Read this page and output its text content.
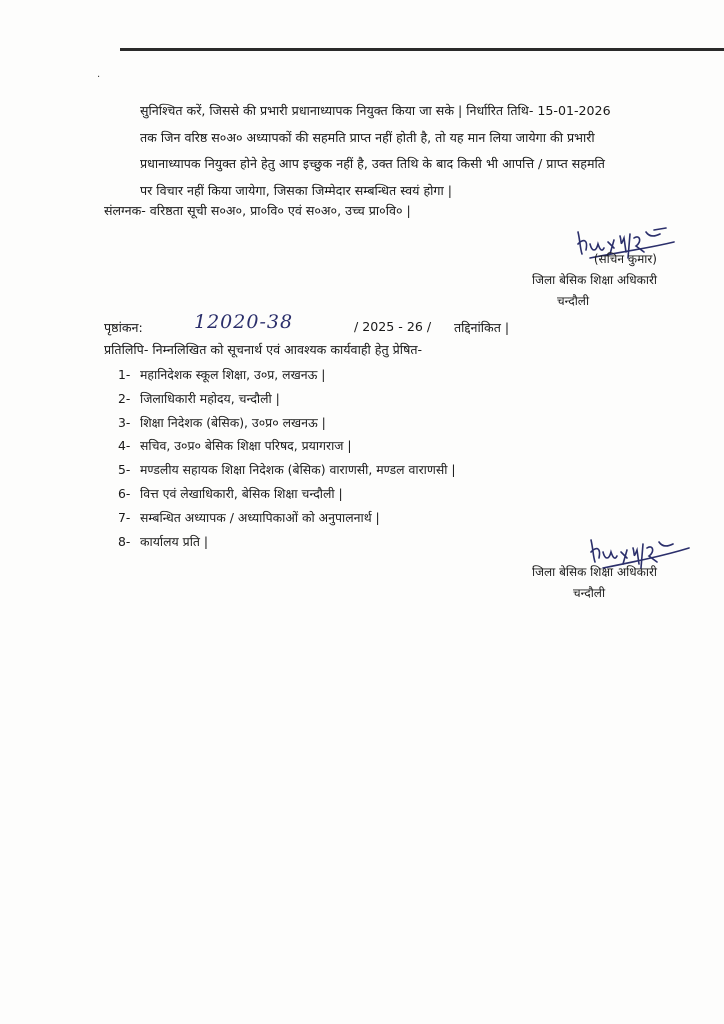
·
सुनिश्चित करें, जिससे की प्रभारी प्रधानाध्यापक नियुक्त किया जा सके | निर्धारित तिथि- 15-01-2026
तक जिन वरिष्ठ स०अ० अध्यापकों की सहमति प्राप्त नहीं होती है, तो यह मान लिया जायेगा की प्रभारी
प्रधानाध्यापक नियुक्त होने हेतु आप इच्छुक नहीं है, उक्त तिथि के बाद किसी भी आपत्ति / प्राप्त सहमति
पर विचार नहीं किया जायेगा, जिसका जिम्मेदार सम्बन्धित स्वयं होगा |
संलग्नक- वरिष्ठता सूची स०अ०, प्रा०वि० एवं स०अ०, उच्च प्रा०वि० |
(सचिन कुमार)
जिला बेसिक शिक्षा अधिकारी
चन्दौली
पृष्ठांकन:	12020-38	/ 2025 - 26 / तद्दिनांकित |
प्रतिलिपि- निम्नलिखित को सूचनार्थ एवं आवश्यक कार्यवाही हेतु प्रेषित-
1- महानिदेशक स्कूल शिक्षा, उ०प्र, लखनऊ |
2- जिलाधिकारी महोदय, चन्दौली |
3- शिक्षा निदेशक (बेसिक), उ०प्र० लखनऊ |
4- सचिव, उ०प्र० बेसिक शिक्षा परिषद, प्रयागराज |
5- मण्डलीय सहायक शिक्षा निदेशक (बेसिक) वाराणसी, मण्डल वाराणसी |
6- वित्त एवं लेखाधिकारी, बेसिक शिक्षा चन्दौली |
7- सम्बन्धित अध्यापक / अध्यापिकाओं को अनुपालनार्थ |
8- कार्यालय प्रति |
जिला बेसिक शिक्षा अधिकारी
चन्दौली
